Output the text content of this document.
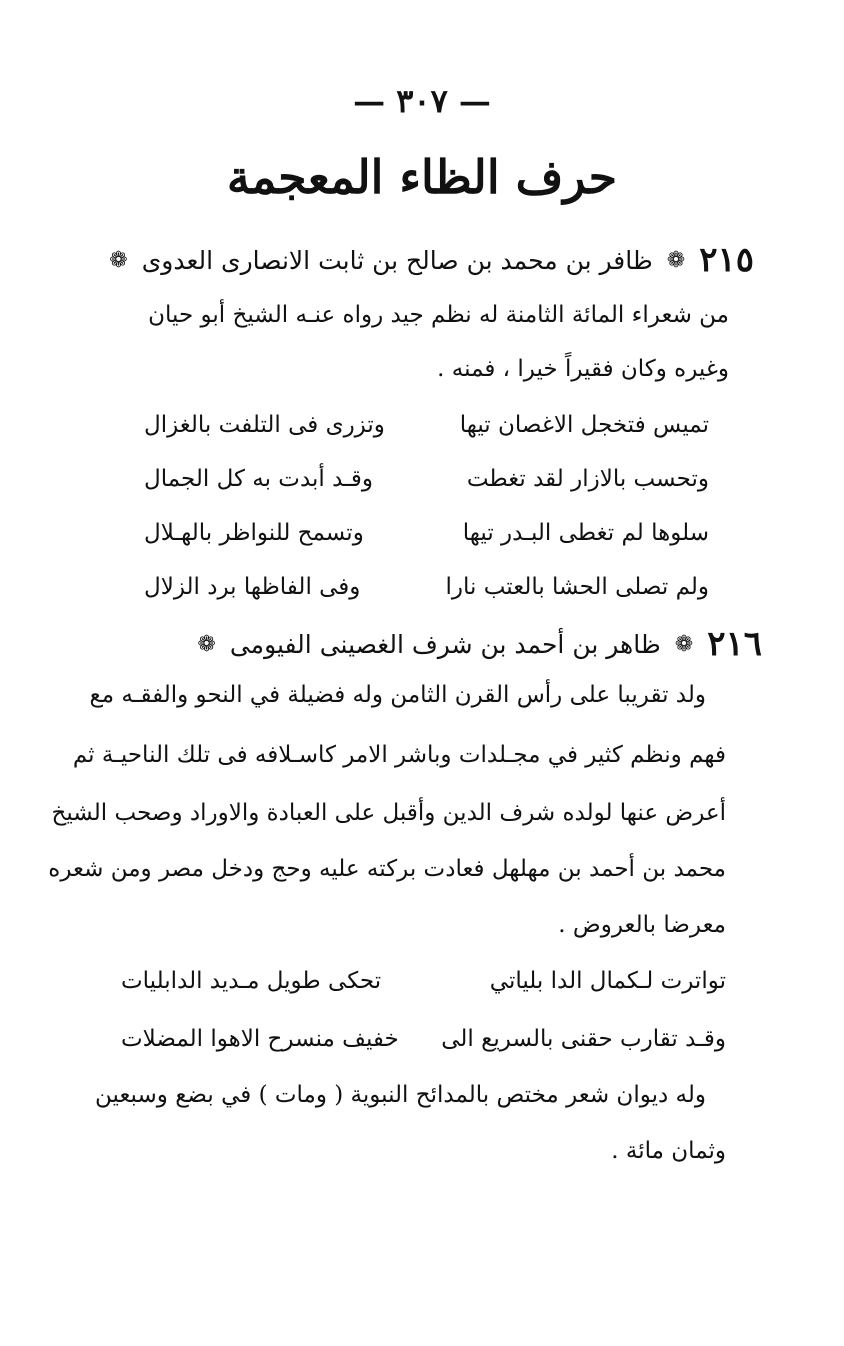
— ٣٠٧ —
حرف الظاء المعجمة
٢١٥
❁
ظافر بن محمد بن صالح بن ثابت الانصارى العدوى
❁
من شعراء المائة الثامنة له نظم جيد رواه عنـه الشيخ أبو حيان
وغيره وكان فقيراً خيرا ، فمنه .
تميس فتخجل الاغصان تيها
وتزرى فى التلفت بالغزال
وتحسب بالازار لقد تغطت
وقـد أبدت به كل الجمال
سلوها لم تغطى البـدر تيها
وتسمح للنواظر بالهـلال
ولم تصلى الحشا بالعتب نارا
وفى الفاظها برد الزلال
٢١٦
❁
ظاهر بن أحمد بن شرف الغصينى الفيومى
❁
ولد تقريبا على رأس القرن الثامن وله فضيلة في النحو والفقـه مع
فهم ونظم كثير في مجـلدات وباشر الامر كاسـلافه فى تلك الناحيـة ثم
أعرض عنها لولده شرف الدين وأقبل على العبادة والاوراد وصحب الشيخ
محمد بن أحمد بن مهلهل فعادت بركته عليه وحج ودخل مصر ومن شعره
معرضا بالعروض .
تواترت لـكمال الدا بلياتي
تحكى طويل مـديد الدابليات
وقـد تقارب حقنى بالسريع الى
خفيف منسرح الاهوا المضلات
وله ديوان شعر مختص بالمدائح النبوية ( ومات ) في بضع وسبعين
وثمان مائة .
